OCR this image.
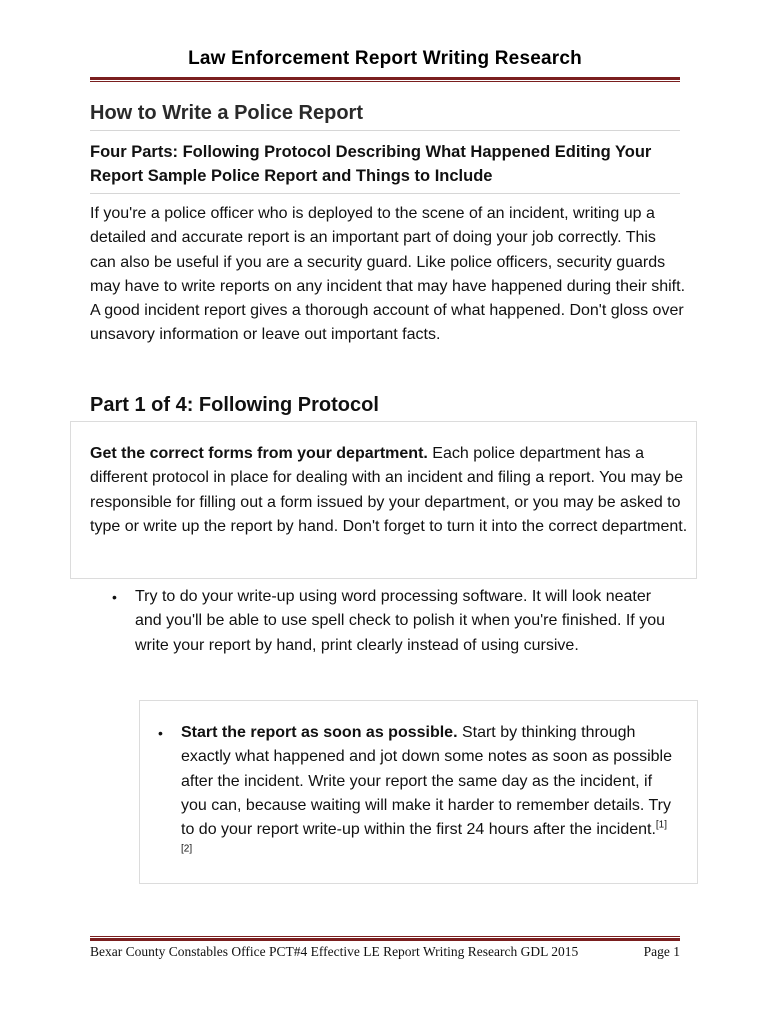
Law Enforcement Report Writing Research
How to Write a Police Report
Four Parts: Following Protocol Describing What Happened Editing Your Report Sample Police Report and Things to Include
If you're a police officer who is deployed to the scene of an incident, writing up a detailed and accurate report is an important part of doing your job correctly. This can also be useful if you are a security guard. Like police officers, security guards may have to write reports on any incident that may have happened during their shift. A good incident report gives a thorough account of what happened. Don't gloss over unsavory information or leave out important facts.
Part 1 of 4: Following Protocol
Get the correct forms from your department. Each police department has a different protocol in place for dealing with an incident and filing a report. You may be responsible for filling out a form issued by your department, or you may be asked to type or write up the report by hand. Don't forget to turn it into the correct department.
•	Try to do your write-up using word processing software. It will look neater and you'll be able to use spell check to polish it when you're finished. If you write your report by hand, print clearly instead of using cursive.
•	Start the report as soon as possible. Start by thinking through exactly what happened and jot down some notes as soon as possible after the incident. Write your report the same day as the incident, if you can, because waiting will make it harder to remember details. Try to do your report write-up within the first 24 hours after the incident.[1] [2]
Bexar County Constables Office PCT#4 Effective LE Report Writing Research GDL 2015	Page 1
